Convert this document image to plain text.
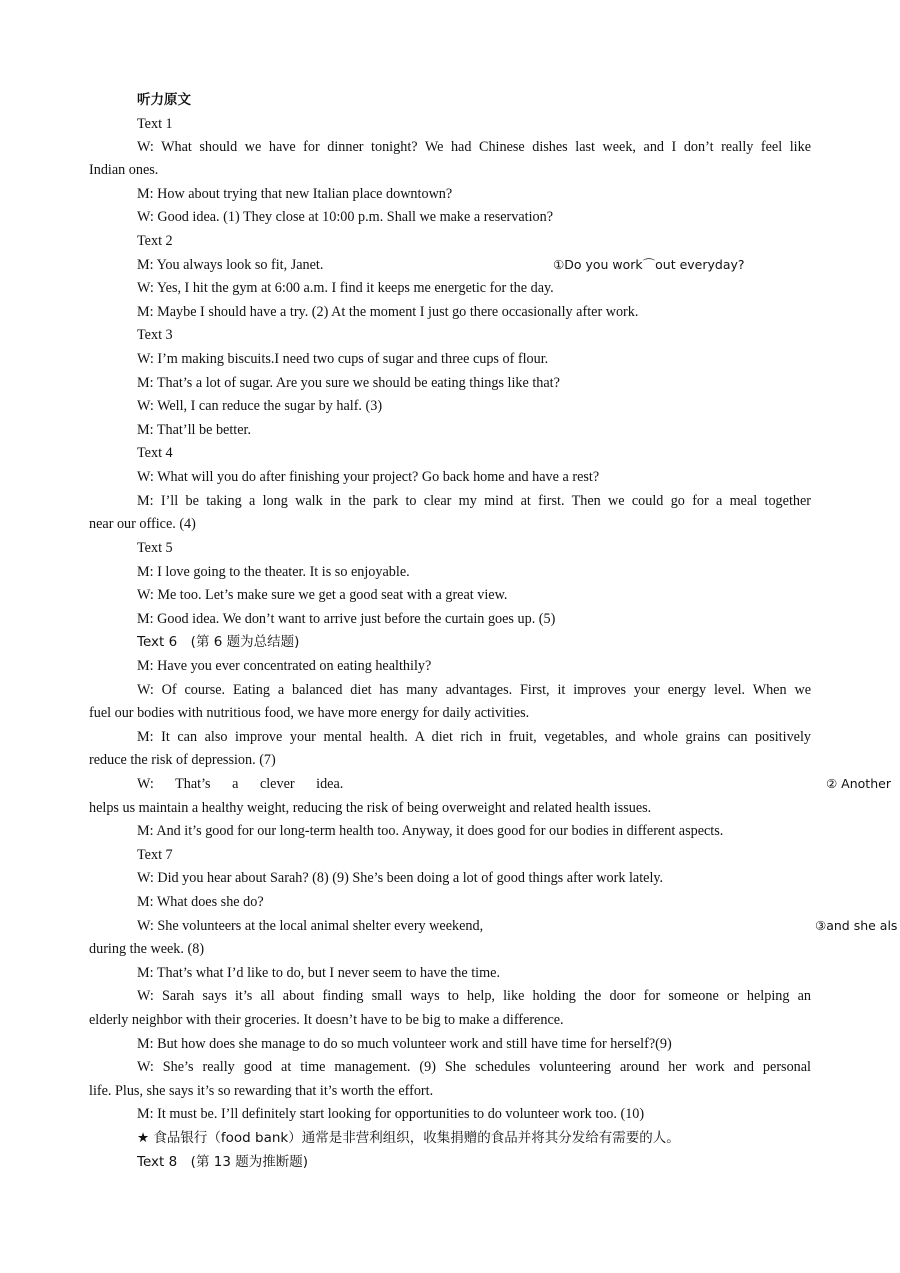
听力原文
Text 1
W: What should we have for dinner tonight? We had Chinese dishes last week, and I don’t really feel like
Indian ones.
M: How about trying that new Italian place downtown?
W: Good idea. (1) They close at 10:00 p.m. Shall we make a reservation?
Text 2
M: You always look so fit, Janet.	①Do you work⌒out everyday?
W: Yes, I hit the gym at 6:00 a.m. I find it keeps me energetic for the day.
M: Maybe I should have a try. (2) At the moment I just go there occasionally after work.
Text 3
W: I’m making biscuits.I need two cups of sugar and three cups of flour.
M: That’s a lot of sugar. Are you sure we should be eating things like that?
W: Well, I can reduce the sugar by half. (3)
M: That’ll be better.
Text 4
W: What will you do after finishing your project? Go back home and have a rest?
M: I’ll be taking a long walk in the park to clear my mind at first. Then we could go for a meal together
near our office. (4)
Text 5
M: I love going to the theater. It is so enjoyable.
W: Me too. Let’s make sure we get a good seat with a great view.
M: Good idea. We don’t want to arrive just before the curtain goes up. (5)
Text 6　(第 6 题为总结题)
M: Have you ever concentrated on eating healthily?
W: Of course. Eating a balanced diet has many advantages. First, it improves your energy level. When we
fuel our bodies with nutritious food, we have more energy for daily activities.
M: It can also improve your mental health. A diet rich in fruit, vegetables, and whole grains can positively
reduce the risk of depression. (7)
W: That’s a clever idea.	② Another
helps us maintain a healthy weight, reducing the risk of being overweight and related health issues.
M: And it’s good for our long-term health too. Anyway, it does good for our bodies in different aspects.
Text 7
W: Did you hear about Sarah? (8) (9) She’s been doing a lot of good things after work lately.
M: What does she do?
W: She volunteers at the local animal shelter every weekend,	③and she als
during the week. (8)
M: That’s what I’d like to do, but I never seem to have the time.
W: Sarah says it’s all about finding small ways to help, like holding the door for someone or helping an
elderly neighbor with their groceries. It doesn’t have to be big to make a difference.
M: But how does she manage to do so much volunteer work and still have time for herself?(9)
W: She’s really good at time management. (9) She schedules volunteering around her work and personal
life. Plus, she says it’s so rewarding that it’s worth the effort.
M: It must be. I’ll definitely start looking for opportunities to do volunteer work too. (10)
★ 食品银行（food bank）通常是非营利组织，收集捐赠的食品并将其分发给有需要的人。
Text 8　(第 13 题为推断题)
